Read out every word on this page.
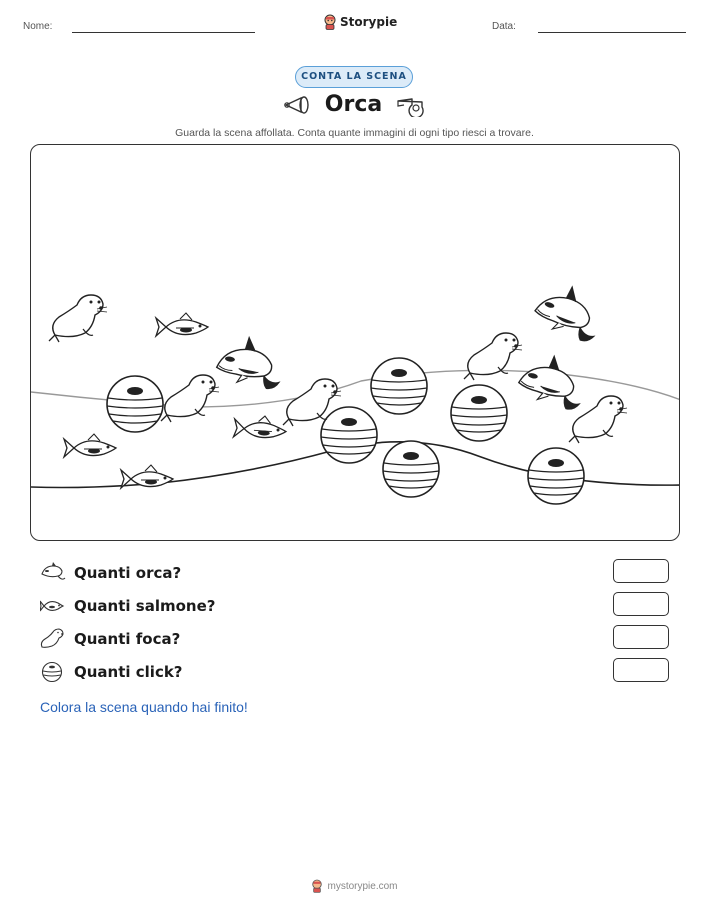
Nome:	Storypie	Data:
CONTA LA SCENA
Orca
Guarda la scena affollata. Conta quante immagini di ogni tipo riesci a trovare.
Quanti orca?
Quanti salmone?
Quanti foca?
Quanti click?
Colora la scena quando hai finito!
mystorypie.com
